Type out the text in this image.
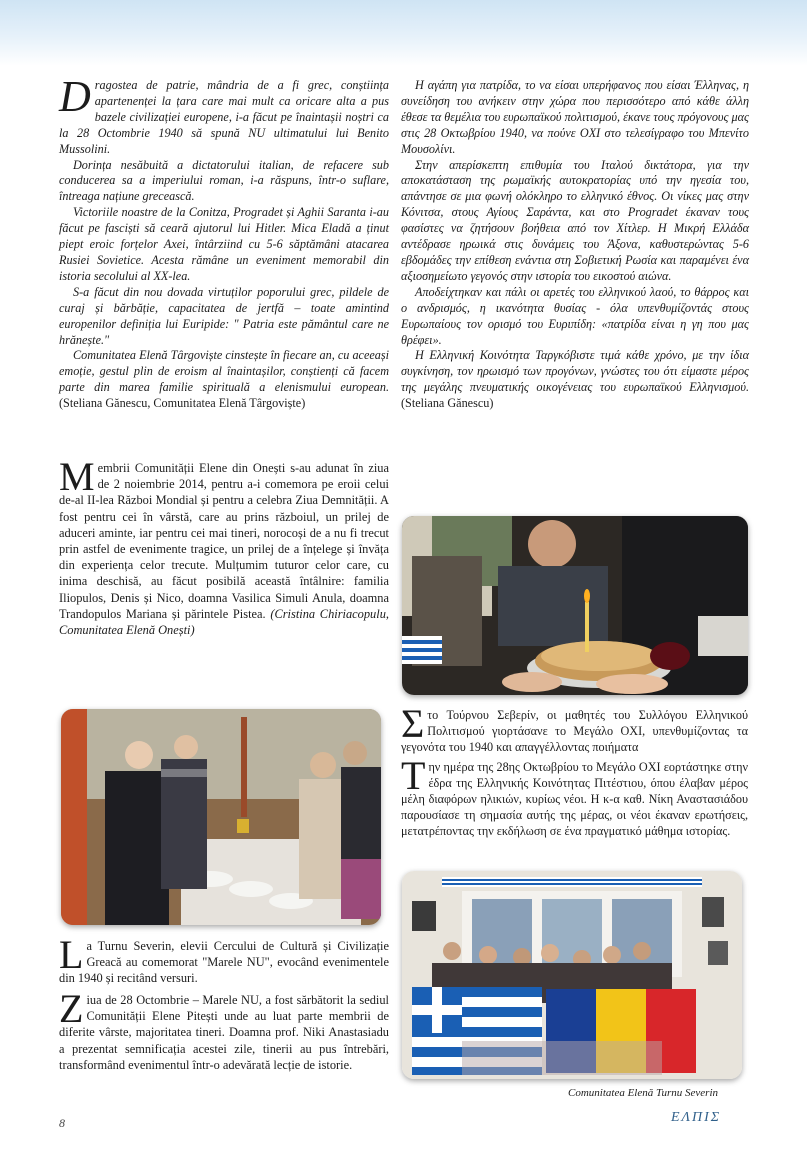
Dragostea de patrie, mândria de a fi grec, conștiința apartenenței la țara care mai mult ca oricare alta a pus bazele civilizației europene, i-a făcut pe înaintașii noștri ca la 28 Octombrie 1940 să spună NU ultimatului lui Benito Mussolini.

Dorința nesăbuită a dictatorului italian, de refacere sub conducerea sa a imperiului roman, i-a răspuns, într-o suflare, întreaga națiune grecească.

Victoriile noastre de la Conitza, Progradet și Aghii Saranta i-au făcut pe fasciști să ceară ajutorul lui Hitler. Mica Eladă a ținut piept eroic forțelor Axei, întârziind cu 5-6 săptămâni atacarea Rusiei Sovietice. Acesta rămâne un eveniment memorabil din istoria secolului al XX-lea.

S-a făcut din nou dovada virtuților poporului grec, pildele de curaj și bărbăție, capacitatea de jertfă – toate amintind europenilor definiția lui Euripide: " Patria este pământul care ne hrănește."

Comunitatea Elenă Târgoviște cinstește în fiecare an, cu aceeași emoție, gestul plin de eroism al înaintașilor, conștienți că facem parte din marea familie spirituală a elenismului european. (Steliana Gănescu, Comunitatea Elenă Târgoviște)

Η αγάπη για πατρίδα, το να είσαι υπερήφανος που είσαι Έλληνας, η συνείδηση του ανήκειν στην χώρα που περισσότερο από κάθε άλλη έθεσε τα θεμέλια του ευρωπαϊκού πολιτισμού, έκανε τους πρόγονους μας στις 28 Οκτωβρίου 1940, να πούνε ΟΧΙ στο τελεσίγραφο του Μπενίτο Μουσολίνι.

Στην απερίσκεπτη επιθυμία του Ιταλού δικτάτορα, για την αποκατάσταση της ρωμαϊκής αυτοκρατορίας υπό την ηγεσία του, απάντησε σε μια φωνή ολόκληρο το ελληνικό έθνος. Οι νίκες μας στην Κόνιτσα, στους Αγίους Σαράντα, και στο Progradet έκαναν τους φασίστες να ζητήσουν βοήθεια από τον Χίτλερ. Η Μικρή Ελλάδα αντέδρασε ηρωικά στις δυνάμεις του Άξονα, καθυστερώντας 5-6 εβδομάδες την επίθεση ενάντια στη Σοβιετική Ρωσία και παραμένει ένα αξιοσημείωτο γεγονός στην ιστορία του εικοστού αιώνα.

Αποδείχτηκαν και πάλι οι αρετές του ελληνικού λαού, το θάρρος και ο ανδρισμός, η ικανότητα θυσίας - όλα υπενθυμίζοντάς στους Ευρωπαίους τον ορισμό του Ευριπίδη: «πατρίδα είναι η γη που μας θρέφει».

Η Ελληνική Κοινότητα Ταργκόβιστε τιμά κάθε χρόνο, με την ίδια συγκίνηση, τον ηρωισμό των προγόνων, γνώστες του ότι είμαστε μέρος της μεγάλης πνευματικής οικογένειας του ευρωπαϊκού Ελληνισμού. (Steliana Gănescu)

Membrii Comunității Elene din Onești s-au adunat în ziua de 2 noiembrie 2014, pentru a-i comemora pe eroii celui de-al II-lea Război Mondial și pentru a celebra Ziua Demnității. A fost pentru cei în vârstă, care au prins războiul, un prilej de aduceri aminte, iar pentru cei mai tineri, norocoși de a nu fi trecut prin astfel de evenimente tragice, un prilej de a înțelege și învăța din experiența celor trecute. Mulțumim tuturor celor care, cu inima deschisă, au făcut posibilă această întâlnire: familia Iliopulos, Denis și Nico, doamna Vasilica Simuli Anula, doamna Trandopulos Mariana și părintele Pistea. (Cristina Chiriacopulu, Comunitatea Elenă Onești)

Στο Τούρνου Σεβερίν, οι μαθητές του Συλλόγου Ελληνικού Πολιτισμού γιορτάσανε το Μεγάλο ΟΧΙ, υπενθυμίζοντας τα γεγονότα του 1940 και απαγγέλλοντας ποιήματα

Την ημέρα της 28ης Οκτωβρίου το Μεγάλο ΟΧΙ εορτάστηκε στην έδρα της Ελληνικής Κοινότητας Πιτέστιου, όπου έλαβαν μέρος μέλη διαφόρων ηλικιών, κυρίως νέοι. Η κ-α καθ. Νίκη Αναστασιάδου παρουσίασε τη σημασία αυτής της μέρας, οι νέοι έκαναν ερωτήσεις, μετατρέποντας την εκδήλωση σε ένα πραγματικό μάθημα ιστορίας.

Comunitatea Elenă Turnu Severin

La Turnu Severin, elevii Cercului de Cultură și Civilizație Greacă au comemorat "Marele NU", evocând evenimentele din 1940 și recitând versuri.

Ziua de 28 Octombrie – Marele NU, a fost sărbătorit la sediul Comunității Elene Pitești unde au luat parte membrii de diferite vârste, majoritatea tineri. Doamna prof. Niki Anastasiadu a prezentat semnificația acestei zile, tinerii au pus întrebări, transformând evenimentul într-o adevărată lecție de istorie.

8	ΕΛΠΙΣ
